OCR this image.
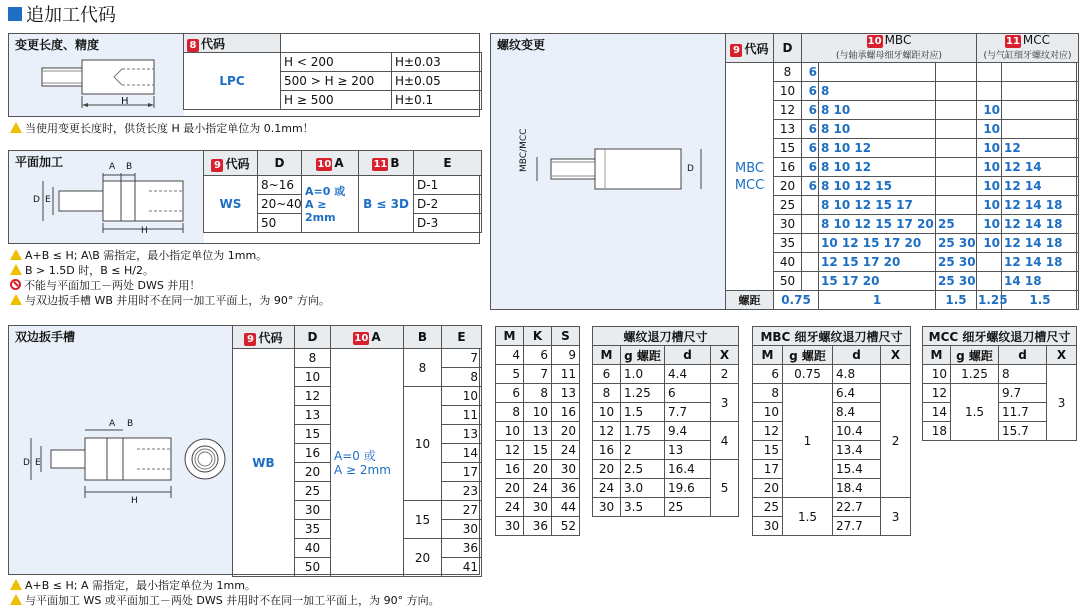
追加工代码
变更长度、精度
H
8 代码		
LPC	H < 200	H±0.03
	500 > H ≥ 200	H±0.05
	H ≥ 500	H±0.1
当使用变更长度时，供货长度 H 最小指定单位为 0.1mm！
平面加工	A B
D E
H
9 代码	D	10 A	11 B	E
WS	8~16	A=0 或
A ≥ 2mm	B ≤ 3D	D-1
	20~40			D-2
	50			D-3
A+B ≤ H; A\B 需指定，最小指定单位为 1mm。
B > 1.5D 时，B ≤ H/2。
不能与平面加工－两处 DWS 并用！
与双边扳手槽 WB 并用时不在同一加工平面上，为 90° 方向。
螺纹变更
MBC/MCC	D
9 代码	D	10 MBC
(与轴承螺母细牙螺距对应)			11 MCC
(与气缸细牙螺纹对应)	
MBC
MCC	8	6				
	10	6	8			
	12	6	8 10		10	
	13	6	8 10		10	
	15	6	8 10 12		10	12
	16	6	8 10 12		10	12 14
	20	6	8 10 12 15		10	12 14
	25		8 10 12 15 17		10	12 14 18
	30		8 10 12 15 17 20	25	10	12 14 18
	35		10 12 15 17 20	25 30	10	12 14 18
	40		12 15 17 20	25 30		12 14 18
	50		15 17 20	25 30		14 18
螺距	0.75		1	1.5	1.25	1.5
双边扳手槽
A B
D E
H
9 代码	D	10 A	B	E
WB	8	A=0 或
A ≥ 2mm	8	7
	10			8
	12		10	10
	13			11
	15			13
	16			14
	20			17
	25			23
	30		15	27
	35			30
	40		20	36
	50			41
A+B ≤ H; A 需指定，最小指定单位为 1mm。
与平面加工 WS 或平面加工－两处 DWS 并用时不在同一加工平面上，为 90° 方向。
M	K	S
4	6	9
5	7	11
6	8	13
8	10	16
10	13	20
12	15	24
16	20	30
20	24	36
24	30	44
30	36	52
螺纹退刀槽尺寸			
M	g 螺距	d	X
6	1.0	4.4	2
8	1.25	6	3
10	1.5	7.7	
12	1.75	9.4	4
16	2	13	
20	2.5	16.4	5
24	3.0	19.6	
30	3.5	25	
MBC 细牙螺纹退刀槽尺寸			
M	g 螺距	d	X
6	0.75	4.8	
8	1	6.4	2
10		8.4	
12		10.4	
15		13.4	
17		15.4	
20		18.4	
25	1.5	22.7	3
30		27.7	
MCC 细牙螺纹退刀槽尺寸			
M	g 螺距	d	X
10	1.25	8	3
12	1.5	9.7	
14		11.7	
18		15.7	
